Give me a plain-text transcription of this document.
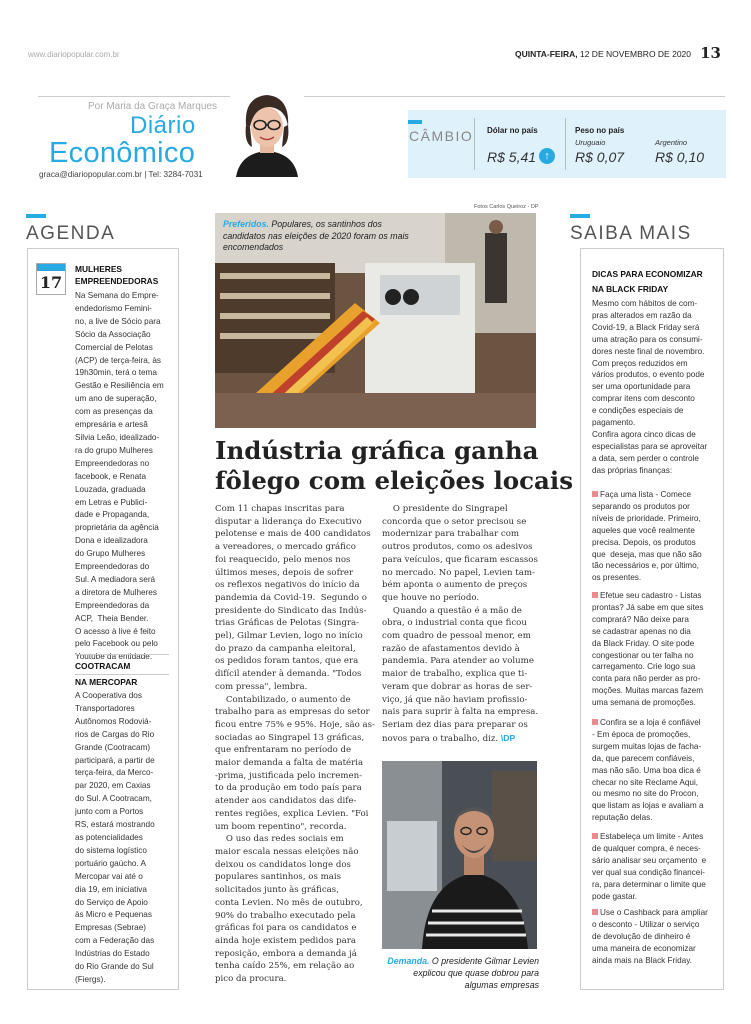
www.diariopopular.com.br	QUINTA-FEIRA, 12 DE NOVEMBRO DE 2020 13
Por Maria da Graça Marques
Diário
Econômico
graca@diariopopular.com.br | Tel: 3284-7031
CÂMBIO Dólar no país
R$ 5,41 ↑
Peso no país
Uruguaio
R$ 0,07
Argentino
R$ 0,10
AGENDA
17
MULHERES
EMPREENDEDORAS
Na Semana do Empre-
endedorismo Femini-
no, a live de Sócio para
Sócio da Associação
Comercial de Pelotas
(ACP) de terça-feira, às
19h30min, terá o tema
Gestão e Resiliência em
um ano de superação,
com as presenças da
empresária e artesã
Silvia Leão, idealizado-
ra do grupo Mulheres
Empreendedoras no
facebook, e Renata
Louzada, graduada
em Letras e Publici-
dade e Propaganda,
proprietária da agência
Dona e idealizadora
do Grupo Mulheres
Empreendedoras do
Sul. A mediadora será
a diretora de Mulheres
Empreendedoras da
ACP,  Theia Bender.
O acesso à live é feito
pelo Facebook ou pelo
Youtube da entidade.
COOTRACAM
NA MERCOPAR
A Cooperativa dos
Transportadores
Autônomos Rodoviá-
rios de Cargas do Rio
Grande (Cootracam)
participará, a partir de
terça-feira, da Merco-
par 2020, em Caxias
do Sul. A Cootracam,
junto com a Portos
RS, estará mostrando
as potencialidades
do sistema logístico
portuário gaúcho. A
Mercopar vai até o
dia 19, em iniciativa
do Serviço de Apoio
às Micro e Pequenas
Empresas (Sebrae)
com a Federação das
Indústrias do Estado
do Rio Grande do Sul
(Fiergs).
Fotos Carlos Queiroz - DP
Preferidos. Populares, os santinhos dos candidatos nas eleições de 2020 foram os mais encomendados
Indústria gráfica ganha
fôlego com eleições locais
Com 11 chapas inscritas para
disputar a liderança do Executivo
pelotense e mais de 400 candidatos
a vereadores, o mercado gráfico
foi reaquecido, pelo menos nos
últimos meses, depois de sofrer
os reflexos negativos do início da
pandemia da Covid-19.  Segundo o
presidente do Sindicato das Indús-
trias Gráficas de Pelotas (Singra-
pel), Gilmar Levien, logo no início
do prazo da campanha eleitoral,
os pedidos foram tantos, que era
difícil atender à demanda. "Todos
com pressa", lembra.
Contabilizado, o aumento de
trabalho para as empresas do setor
ficou entre 75% e 95%. Hoje, são as-
sociadas ao Singrapel 13 gráficas,
que enfrentaram no período de
maior demanda a falta de matéria
-prima, justificada pelo incremen-
to da produção em todo país para
atender aos candidatos das dife-
rentes regiões, explica Levien. "Foi
um boom repentino", recorda.
O uso das redes sociais em
maior escala nessas eleições não
deixou os candidatos longe dos
populares santinhos, os mais
solicitados junto às gráficas,
conta Levien. No mês de outubro,
90% do trabalho executado pela
gráficas foi para os candidatos e
ainda hoje existem pedidos para
reposição, embora a demanda já
tenha caído 25%, em relação ao
pico da procura.
O presidente do Singrapel
concorda que o setor precisou se
modernizar para trabalhar com
outros produtos, como os adesivos
para veículos, que ficaram escassos
no mercado. No papel, Levien tam-
bém aponta o aumento de preços
que houve no período.
Quando a questão é a mão de
obra, o industrial conta que ficou
com quadro de pessoal menor, em
razão de afastamentos devido à
pandemia. Para atender ao volume
maior de trabalho, explica que ti-
veram que dobrar as horas de ser-
viço, já que não haviam profissio-
nais para suprir à falta na empresa.
Seriam dez dias para preparar os
novos para o trabalho, diz. \DP
Demanda. O presidente Gilmar Levien explicou que quase dobrou para algumas empresas
SAIBA MAIS
DICAS PARA ECONOMIZAR
NA BLACK FRIDAY
Mesmo com hábitos de com-
pras alterados em razão da
Covid-19, a Black Friday será
uma atração para os consumi-
dores neste final de novembro.
Com preços reduzidos em
vários produtos, o evento pode
ser uma oportunidade para
comprar itens com desconto
e condições especiais de
pagamento.
Confira agora cinco dicas de
especialistas para se aproveitar
a data, sem perder o controle
das próprias finanças:
Faça uma lista - Comece
separando os produtos por
níveis de prioridade. Primeiro,
aqueles que você realmente
precisa. Depois, os produtos
que  deseja, mas que não são
tão necessários e, por último,
os presentes.
Efetue seu cadastro - Listas
prontas? Já sabe em que sites
comprará? Não deixe para
se cadastrar apenas no dia
da Black Friday. O site pode
congestionar ou ter falha no
carregamento. Crie logo sua
conta para não perder as pro-
moções. Muitas marcas fazem
uma semana de promoções.
Confira se a loja é confiável
- Em época de promoções,
surgem muitas lojas de facha-
da, que parecem confiáveis,
mas não são. Uma boa dica é
checar no site Reclame Aqui,
ou mesmo no site do Procon,
que listam as lojas e avaliam a
reputação delas.
Estabeleça um limite - Antes
de qualquer compra, é neces-
sário analisar seu orçamento  e
ver qual sua condição financei-
ra, para determinar o limite que
pode gastar.
Use o Cashback para ampliar
o desconto - Utilizar o serviço
de devolução de dinheiro é
uma maneira de economizar
ainda mais na Black Friday.
